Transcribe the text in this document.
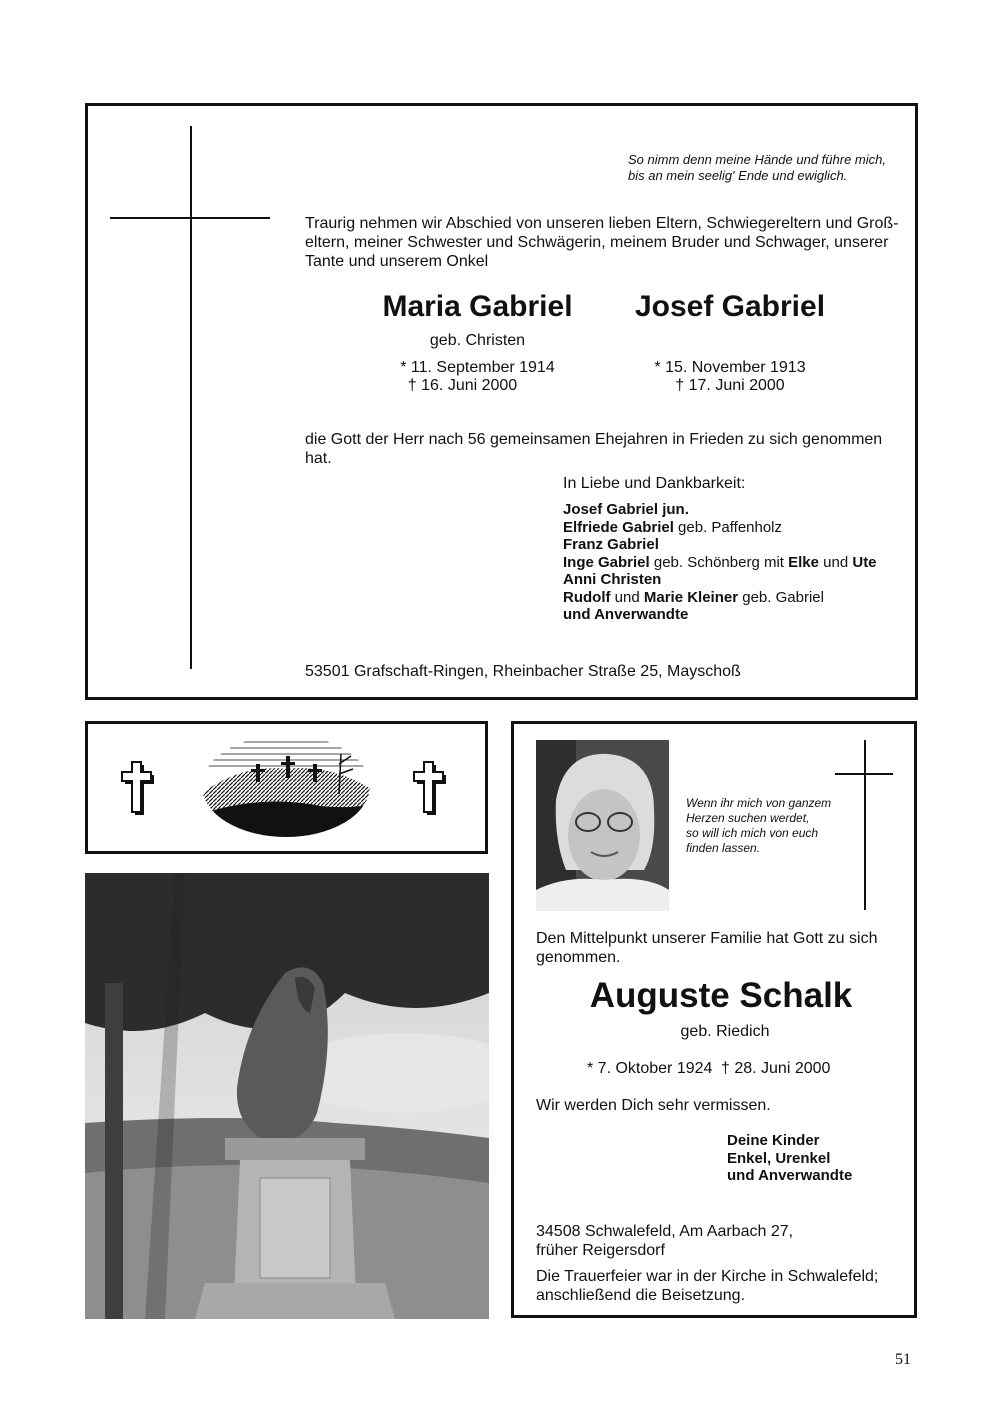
So nimm denn meine Hände und führe mich,
bis an mein seelig' Ende und ewiglich.
Traurig nehmen wir Abschied von unseren lieben Eltern, Schwiegereltern und Groß-
eltern, meiner Schwester und Schwägerin, meinem Bruder und Schwager, unserer
Tante und unserem Onkel
Maria Gabriel
geb. Christen
* 11. September 1914
† 16. Juni 2000
Josef Gabriel
* 15. November 1913
† 17. Juni 2000
die Gott der Herr nach 56 gemeinsamen Ehejahren in Frieden zu sich genommen hat.
In Liebe und Dankbarkeit:
Josef Gabriel jun.
Elfriede Gabriel geb. Paffenholz
Franz Gabriel
Inge Gabriel geb. Schönberg mit Elke und Ute
Anni Christen
Rudolf und Marie Kleiner geb. Gabriel
und Anverwandte
53501 Grafschaft-Ringen, Rheinbacher Straße 25, Mayschoß
Wenn ihr mich von ganzem
Herzen suchen werdet,
so will ich mich von euch
finden lassen.
Den Mittelpunkt unserer Familie hat Gott zu sich
genommen.
Auguste Schalk
geb. Riedich
* 7. Oktober 1924 † 28. Juni 2000
Wir werden Dich sehr vermissen.
Deine Kinder
Enkel, Urenkel
und Anverwandte
34508 Schwalefeld, Am Aarbach 27,
früher Reigersdorf
Die Trauerfeier war in der Kirche in Schwalefeld;
anschließend die Beisetzung.
51
